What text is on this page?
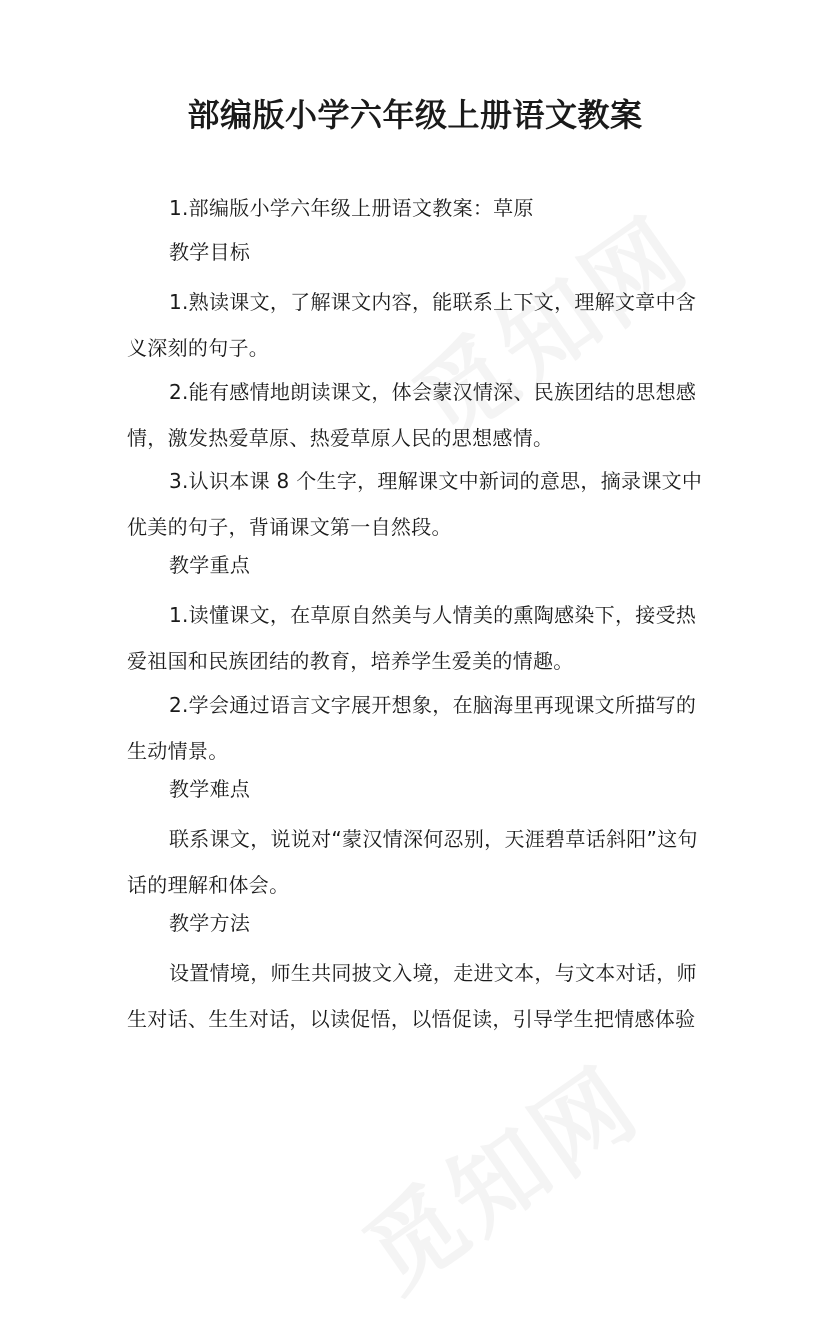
部编版小学六年级上册语文教案
1.部编版小学六年级上册语文教案：草原
教学目标
1.熟读课文，了解课文内容，能联系上下文，理解文章中含
义深刻的句子。
2.能有感情地朗读课文，体会蒙汉情深、民族团结的思想感
情，激发热爱草原、热爱草原人民的思想感情。
3.认识本课 8 个生字，理解课文中新词的意思，摘录课文中
优美的句子，背诵课文第一自然段。
教学重点
1.读懂课文，在草原自然美与人情美的熏陶感染下，接受热
爱祖国和民族团结的教育，培养学生爱美的情趣。
2.学会通过语言文字展开想象，在脑海里再现课文所描写的
生动情景。
教学难点
联系课文，说说对“蒙汉情深何忍别，天涯碧草话斜阳”这句
话的理解和体会。
教学方法
设置情境，师生共同披文入境，走进文本，与文本对话，师
生对话、生生对话，以读促悟，以悟促读，引导学生把情感体验
